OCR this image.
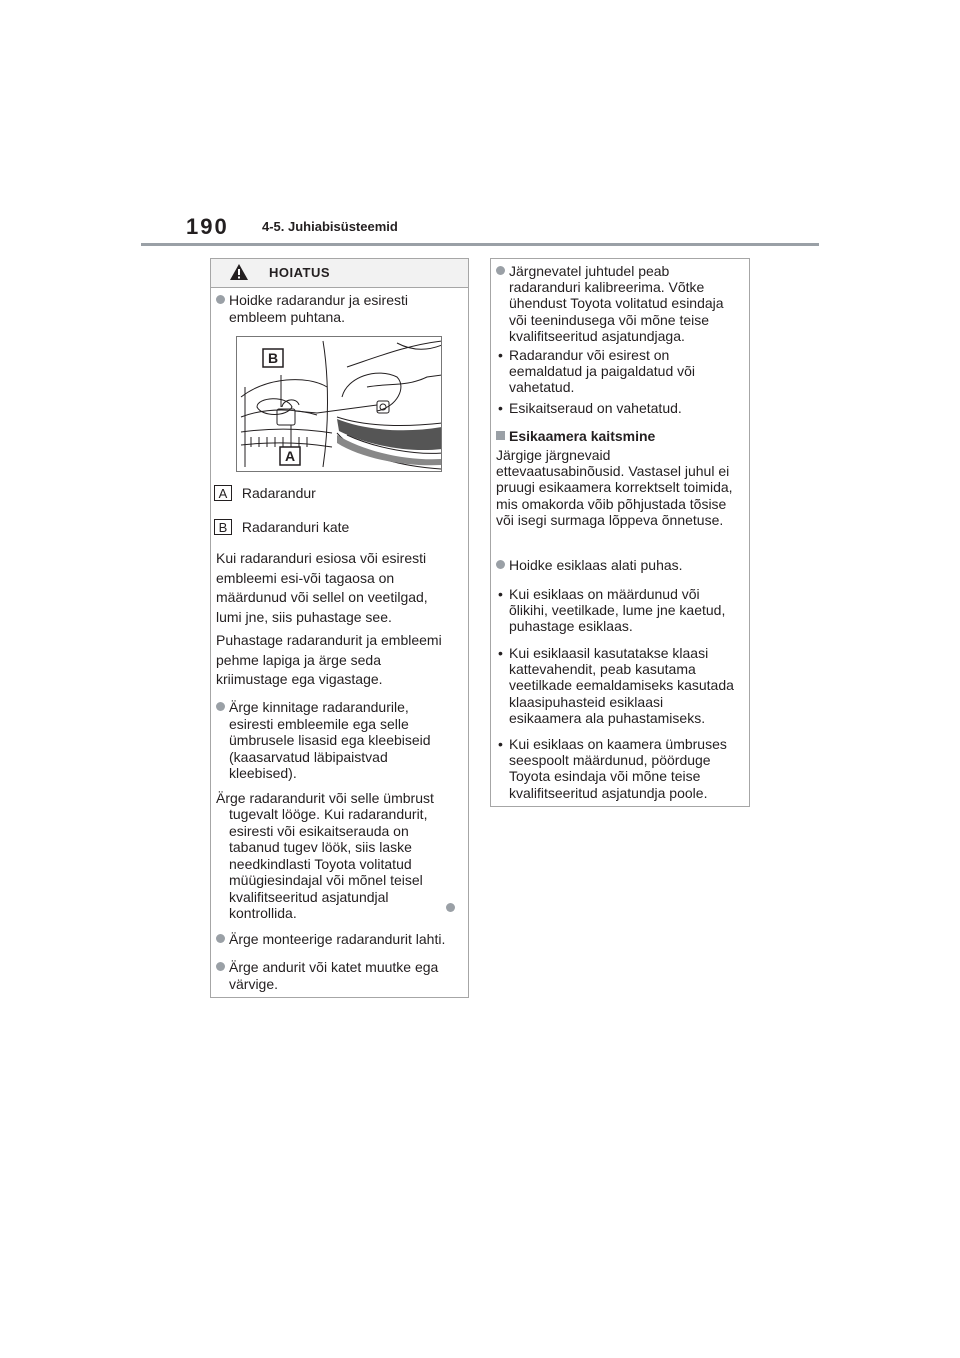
190	4-5. Juhiabisüsteemid
HOIATUS
Hoidke radarandur ja esiresti embleem puhtana.
B
A
A Radarandur
B Radaranduri kate
Kui radaranduri esiosa või esiresti embleemi esi-või tagaosa on määrdunud või sellel on veetilgad, lumi jne, siis puhastage see.
Puhastage radarandurit ja embleemi pehme lapiga ja ärge seda kriimustage ega vigastage.
Ärge kinnitage radarandurile, esiresti embleemile ega selle ümbrusele lisasid ega kleebiseid (kaasarvatud läbipaistvad kleebised).
Ärge radarandurit või selle ümbrust
tugevalt lööge. Kui radarandurit, esiresti või esikaitserauda on tabanud tugev löök, siis laske needkindlasti Toyota volitatud müügiesindajal või mõnel teisel kvalifitseeritud asjatundjal kontrollida.
Ärge monteerige radarandurit lahti.
Ärge andurit või katet muutke ega värvige.
Järgnevatel juhtudel peab radaranduri kalibreerima. Võtke ühendust Toyota volitatud esindaja või teenindusega või mõne teise kvalifitseeritud asjatundjaga.
• Radarandur või esirest on eemaldatud ja paigaldatud või vahetatud.
• Esikaitseraud on vahetatud.
Esikaamera kaitsmine
Järgige järgnevaid ettevaatusabinõusid. Vastasel juhul ei pruugi esikaamera korrektselt toimida, mis omakorda võib põhjustada tõsise või isegi surmaga lõppeva õnnetuse.
Hoidke esiklaas alati puhas.
• Kui esiklaas on määrdunud või õlikihi, veetilkade, lume jne kaetud, puhastage esiklaas.
• Kui esiklaasil kasutatakse klaasi kattevahendit, peab kasutama veetilkade eemaldamiseks kasutada klaasipuhasteid esiklaasi esikaamera ala puhastamiseks.
• Kui esiklaas on kaamera ümbruses seespoolt määrdunud, pöörduge Toyota esindaja või mõne teise kvalifitseeritud asjatundja poole.
